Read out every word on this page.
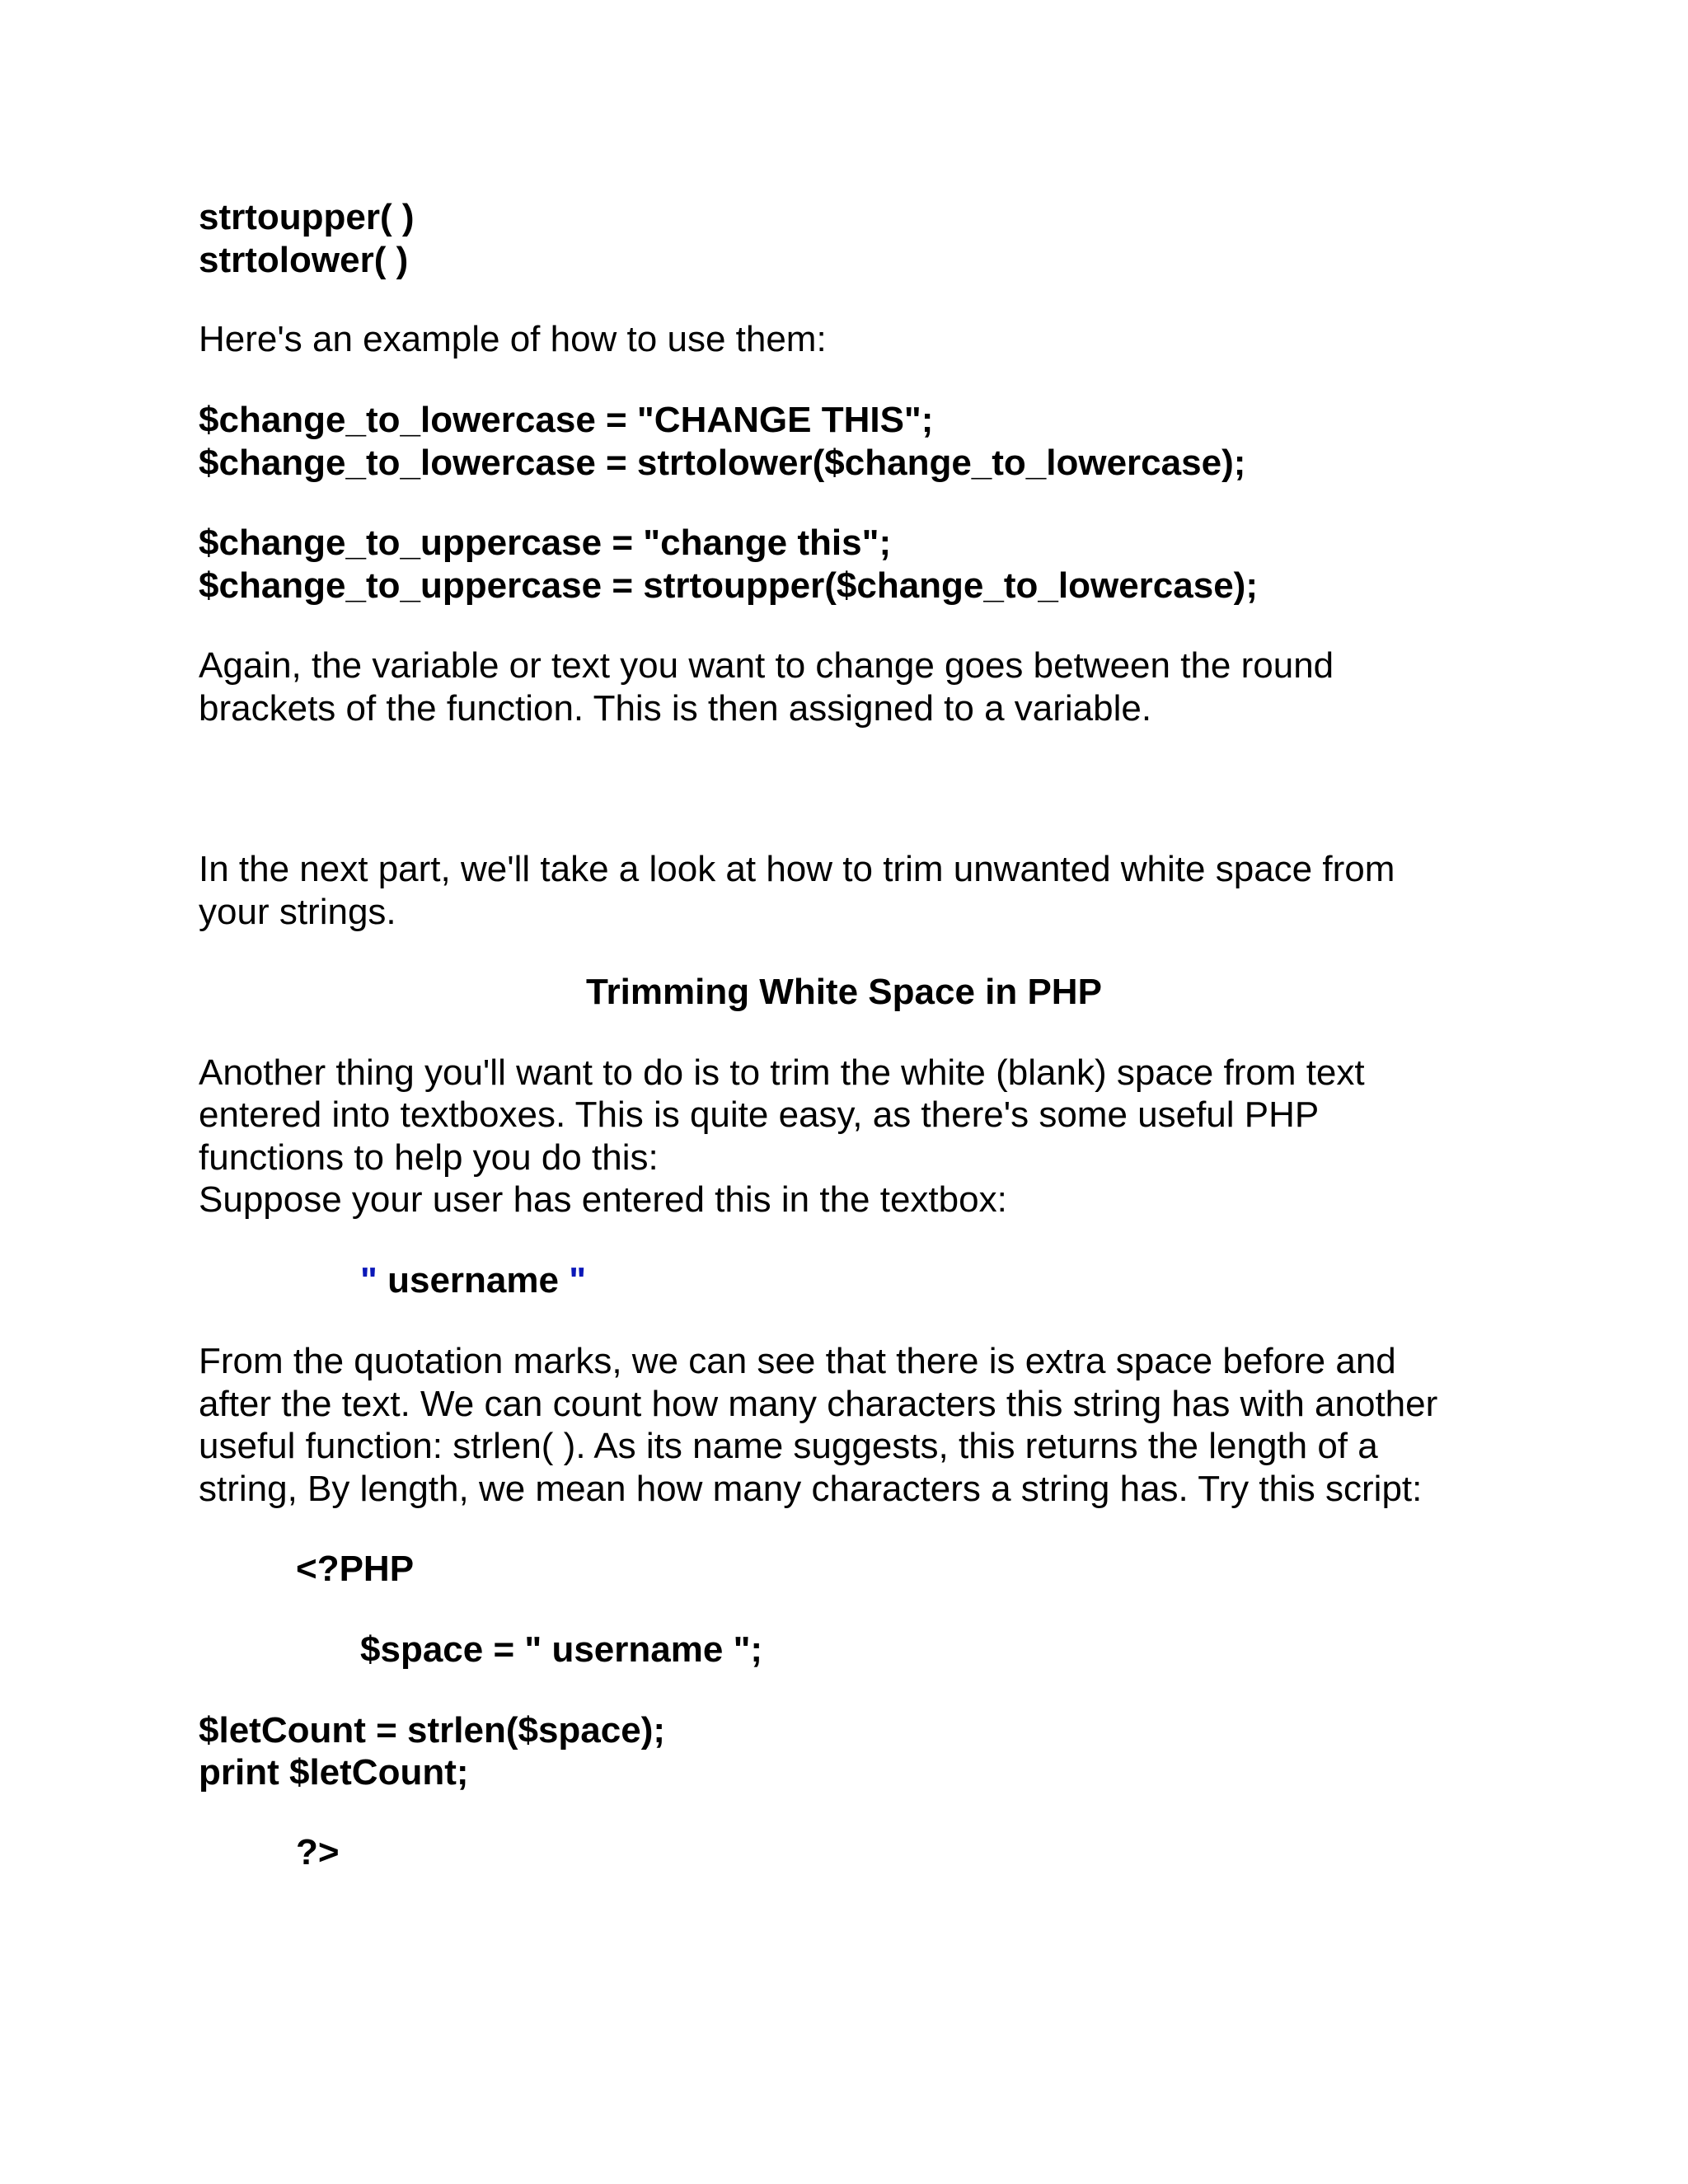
strtoupper( )

strtolower( )

Here's an example of how to use them:

$change_to_lowercase = "CHANGE THIS";

$change_to_lowercase = strtolower($change_to_lowercase);

$change_to_uppercase = "change this";

$change_to_uppercase = strtoupper($change_to_lowercase);

Again, the variable or text you want to change goes between the round

brackets of the function. This is then assigned to a variable.

In the next part, we'll take a look at how to trim unwanted white space from

your strings.

Trimming White Space in PHP

Another thing you'll want to do is to trim the white (blank) space from text

entered into textboxes. This is quite easy, as there's some useful PHP

functions to help you do this:

Suppose your user has entered this in the textbox:

" username "

From the quotation marks, we can see that there is extra space before and

after the text. We can count how many characters this string has with another

useful function: strlen( ). As its name suggests, this returns the length of a

string, By length, we mean how many characters a string has. Try this script:

<?PHP

$space = " username ";

$letCount = strlen($space);

print $letCount;

?>
